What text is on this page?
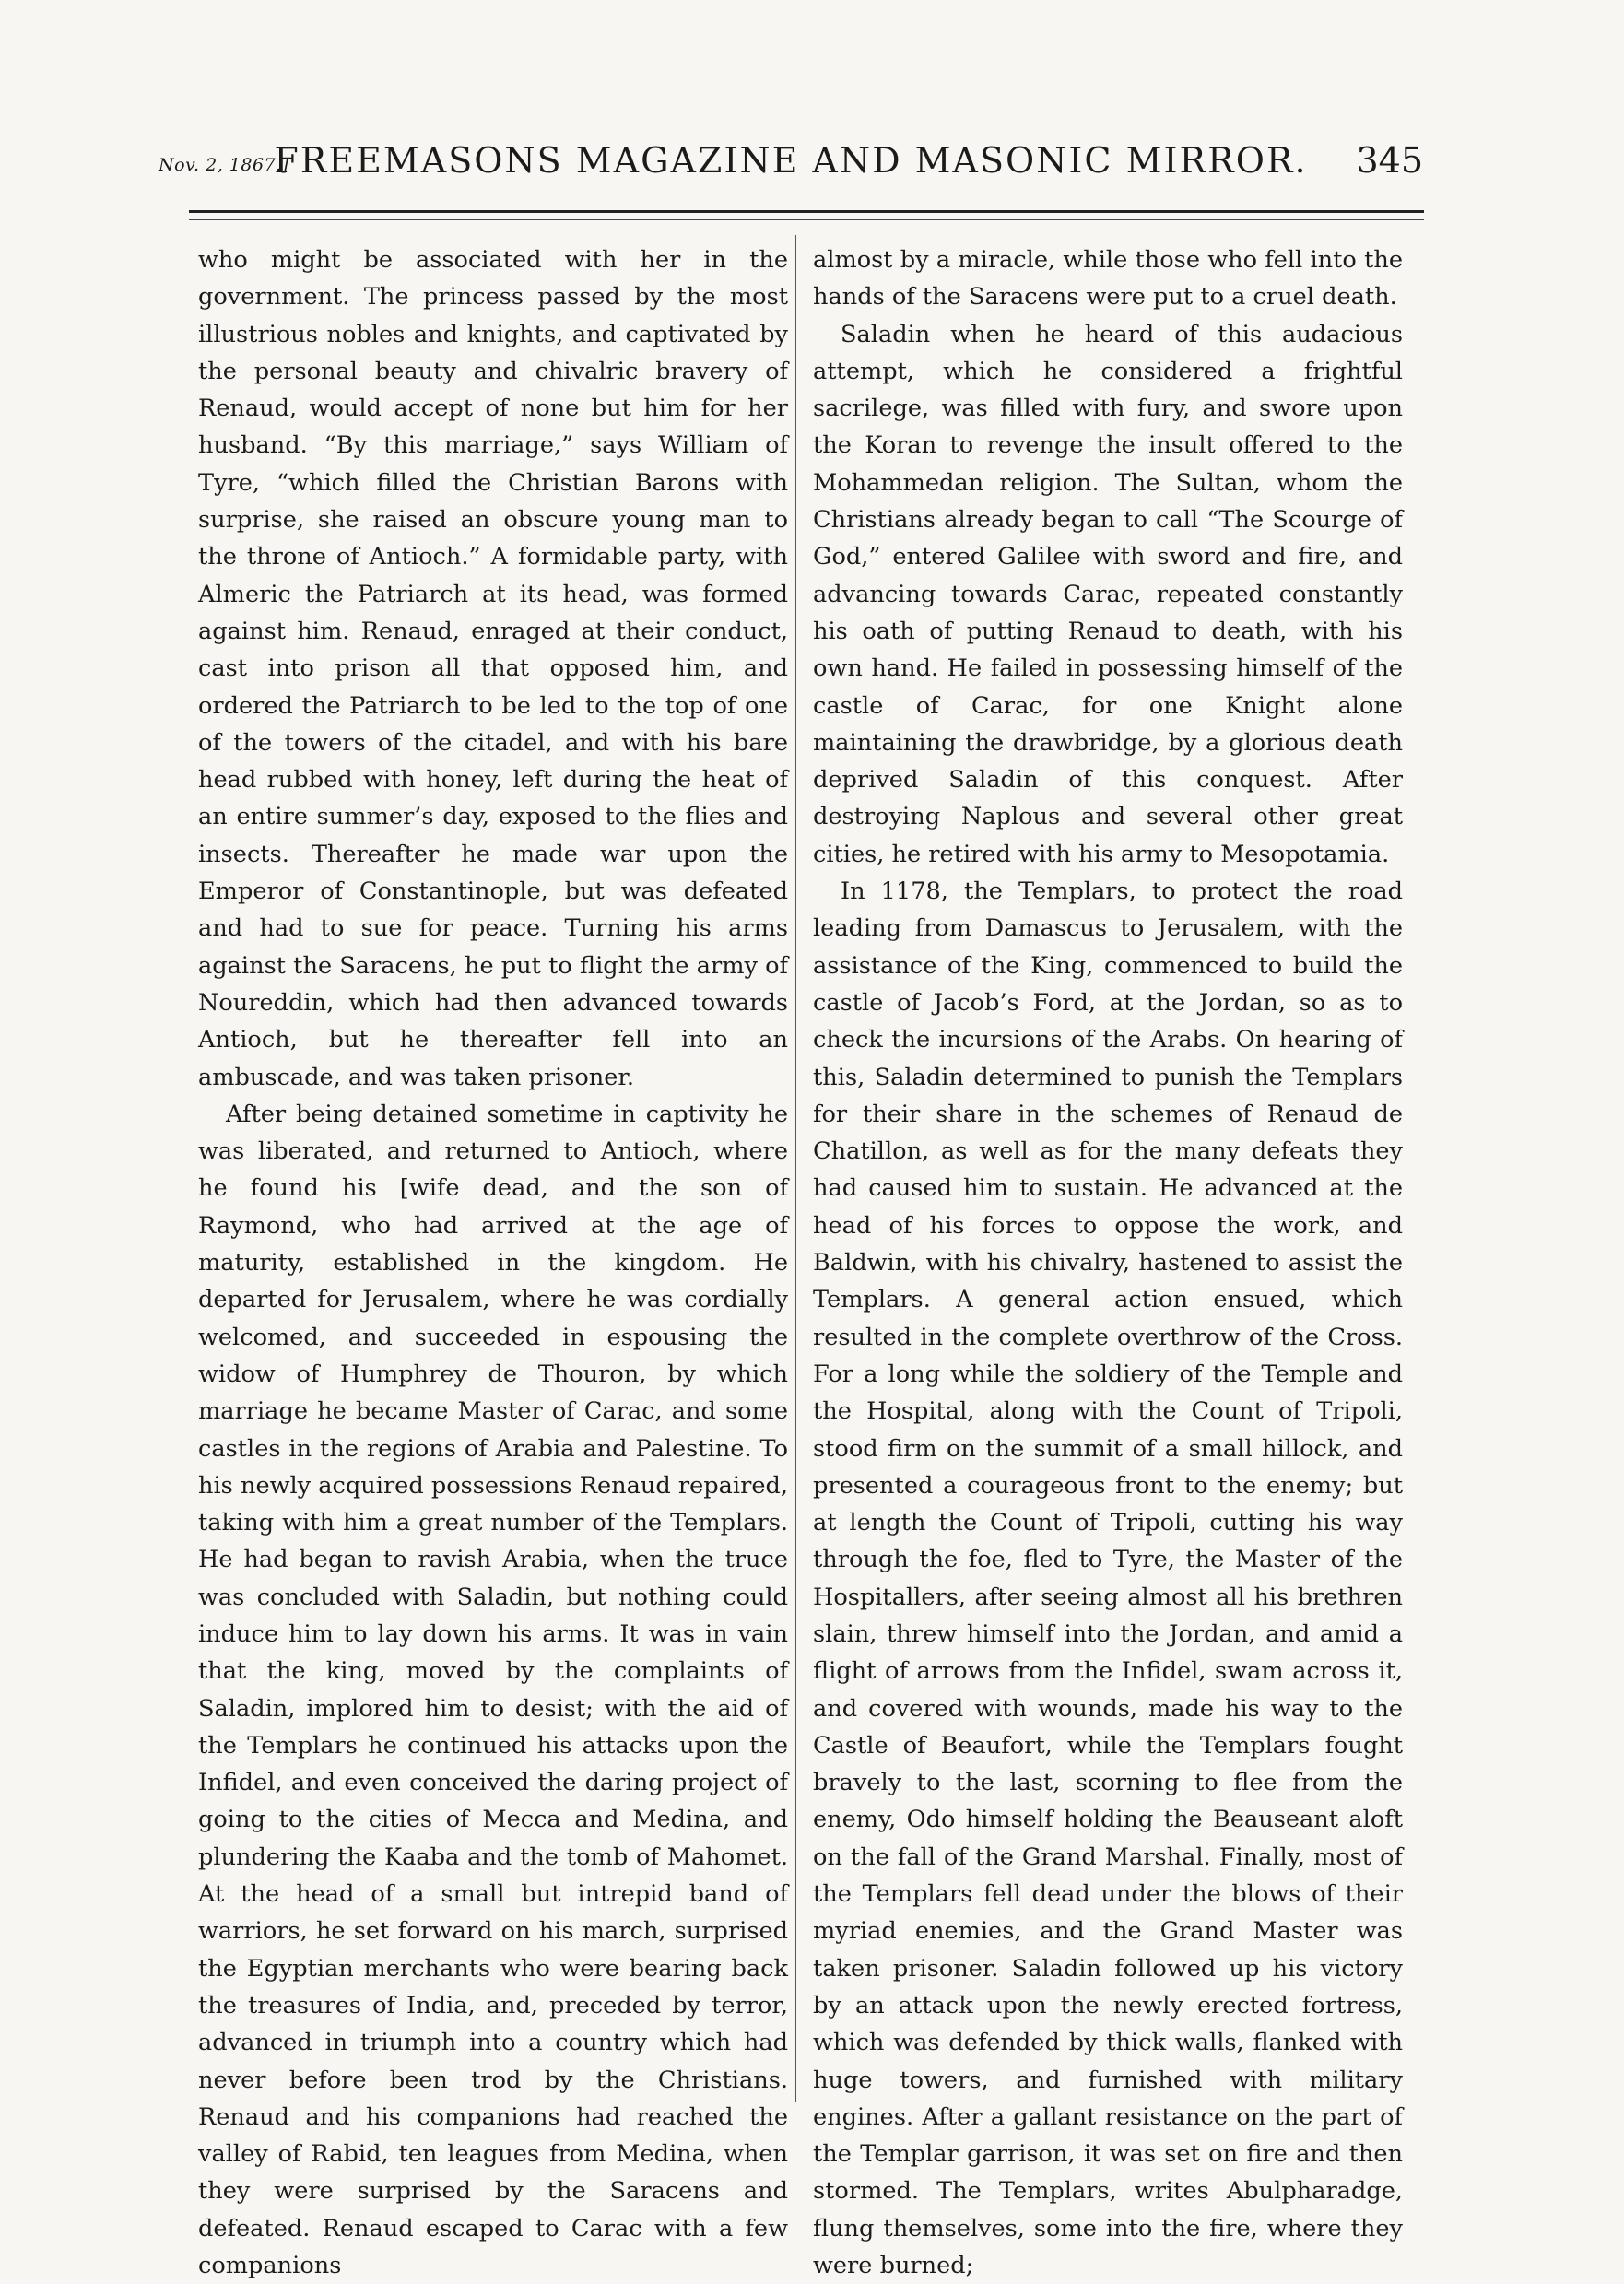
Nov. 2, 1867.]
FREEMASONS MAGAZINE AND MASONIC MIRROR.	345

who might be associated with her in the government. The princess passed by the most illustrious nobles and knights, and captivated by the personal beauty and chivalric bravery of Renaud, would accept of none but him for her husband. “By this marriage,” says William of Tyre, “which filled the Christian Barons with surprise, she raised an obscure young man to the throne of Antioch.” A formidable party, with Almeric the Patriarch at its head, was formed against him. Renaud, enraged at their conduct, cast into prison all that opposed him, and ordered the Patriarch to be led to the top of one of the towers of the citadel, and with his bare head rubbed with honey, left during the heat of an entire summer’s day, exposed to the flies and insects. Thereafter he made war upon the Emperor of Constantinople, but was defeated and had to sue for peace. Turning his arms against the Saracens, he put to flight the army of Noureddin, which had then advanced towards Antioch, but he thereafter fell into an ambuscade, and was taken prisoner.

After being detained sometime in captivity he was liberated, and returned to Antioch, where he found his [wife dead, and the son of Raymond, who had arrived at the age of maturity, established in the kingdom. He departed for Jerusalem, where he was cordially welcomed, and succeeded in espousing the widow of Humphrey de Thouron, by which marriage he became Master of Carac, and some castles in the regions of Arabia and Palestine. To his newly acquired possessions Renaud repaired, taking with him a great number of the Templars. He had began to ravish Arabia, when the truce was concluded with Saladin, but nothing could induce him to lay down his arms. It was in vain that the king, moved by the complaints of Saladin, implored him to desist; with the aid of the Templars he continued his attacks upon the Infidel, and even conceived the daring project of going to the cities of Mecca and Medina, and plundering the Kaaba and the tomb of Mahomet. At the head of a small but intrepid band of warriors, he set forward on his march, surprised the Egyptian merchants who were bearing back the treasures of India, and, preceded by terror, advanced in triumph into a country which had never before been trod by the Christians. Renaud and his companions had reached the valley of Rabid, ten leagues from Medina, when they were surprised by the Saracens and defeated. Renaud escaped to Carac with a few companions

almost by a miracle, while those who fell into the hands of the Saracens were put to a cruel death.

Saladin when he heard of this audacious attempt, which he considered a frightful sacrilege, was filled with fury, and swore upon the Koran to revenge the insult offered to the Mohammedan religion. The Sultan, whom the Christians already began to call “The Scourge of God,” entered Galilee with sword and fire, and advancing towards Carac, repeated constantly his oath of putting Renaud to death, with his own hand. He failed in possessing himself of the castle of Carac, for one Knight alone maintaining the drawbridge, by a glorious death deprived Saladin of this conquest. After destroying Naplous and several other great cities, he retired with his army to Mesopotamia.

In 1178, the Templars, to protect the road leading from Damascus to Jerusalem, with the assistance of the King, commenced to build the castle of Jacob’s Ford, at the Jordan, so as to check the incursions of the Arabs. On hearing of this, Saladin determined to punish the Templars for their share in the schemes of Renaud de Chatillon, as well as for the many defeats they had caused him to sustain. He advanced at the head of his forces to oppose the work, and Baldwin, with his chivalry, hastened to assist the Templars. A general action ensued, which resulted in the complete overthrow of the Cross. For a long while the soldiery of the Temple and the Hospital, along with the Count of Tripoli, stood firm on the summit of a small hillock, and presented a courageous front to the enemy; but at length the Count of Tripoli, cutting his way through the foe, fled to Tyre, the Master of the Hospitallers, after seeing almost all his brethren slain, threw himself into the Jordan, and amid a flight of arrows from the Infidel, swam across it, and covered with wounds, made his way to the Castle of Beaufort, while the Templars fought bravely to the last, scorning to flee from the enemy, Odo himself holding the Beauseant aloft on the fall of the Grand Marshal. Finally, most of the Templars fell dead under the blows of their myriad enemies, and the Grand Master was taken prisoner. Saladin followed up his victory by an attack upon the newly erected fortress, which was defended by thick walls, flanked with huge towers, and furnished with military engines. After a gallant resistance on the part of the Templar garrison, it was set on fire and then stormed. The Templars, writes Abulpharadge, flung themselves, some into the fire, where they were burned;
